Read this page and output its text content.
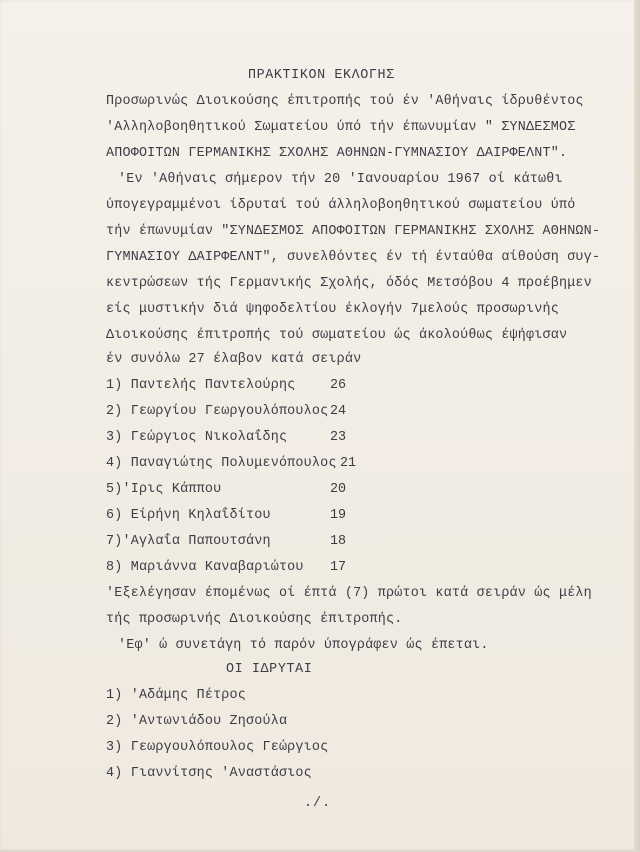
ΠΡΑΚΤΙΚΟΝ ΕΚΛΟΓΗΣ
Προσωρινώς Διοικούσης έπιτροπής τού έν 'Αθήναις ίδρυθέντος
'Αλληλοβοηθητικού Σωματείου ύπό τήν έπωνυμίαν " ΣΥΝΔΕΣΜΟΣ
ΑΠΟΦΟΙΤΩΝ ΓΕΡΜΑΝΙΚΗΣ ΣΧΟΛΗΣ ΑΘΗΝΩΝ-ΓΥΜΝΑΣΙΟΥ ΔΑΙΡΦΕΛΝΤ".
'Εν 'Αθήναις σήμερον τήν 20 'Ιανουαρίου 1967 οί κάτωθι
ύπογεγραμμένοι ίδρυταί τού άλληλοβοηθητικού σωματείου ύπό
τήν έπωνυμίαν "ΣΥΝΔΕΣΜΟΣ ΑΠΟΦΟΙΤΩΝ ΓΕΡΜΑΝΙΚΗΣ ΣΧΟΛΗΣ ΑΘΗΝΩΝ-
ΓΥΜΝΑΣΙΟΥ ΔΑΙΡΦΕΛΝΤ", συνελθόντες έν τή ένταύθα αίθούση συγ-
κεντρώσεων τής Γερμανικής Σχολής, όδός Μετσόβου 4 προέβημεν
είς μυστικήν διά ψηφοδελτίου έκλογήν 7μελούς προσωρινής
Διοικούσης έπιτροπής τού σωματείου ώς άκολούθως έψήφισαν
έν συνόλω 27 έλαβον κατά σειράν
1) Παντελής Παντελούρης	26
2) Γεωργίου Γεωργουλόπουλος 24
3) Γεώργιος Νικολαΐδης	23
4) Παναγιώτης Πολυμενόπουλος 21
5)'Ιρις Κάππου	20
6) Είρήνη Κηλαΐδίτου	19
7)'Αγλαΐα Παπουτσάνη	18
8) Μαριάννα Καναβαριώτου 17
'Εξελέγησαν έπομένως οί έπτά (7) πρώτοι κατά σειράν ώς μέλη
τής προσωρινής Διοικούσης έπιτροπής.
'Εφ' ώ συνετάγη τό παρόν ύπογράφεν ώς έπεται.
ΟΙ ΙΔΡΥΤΑΙ
1) 'Αδάμης Πέτρος
2) 'Αντωνιάδου Ζησούλα
3) Γεωργουλόπουλος Γεώργιος
4) Γιαννίτσης 'Αναστάσιος
./.
